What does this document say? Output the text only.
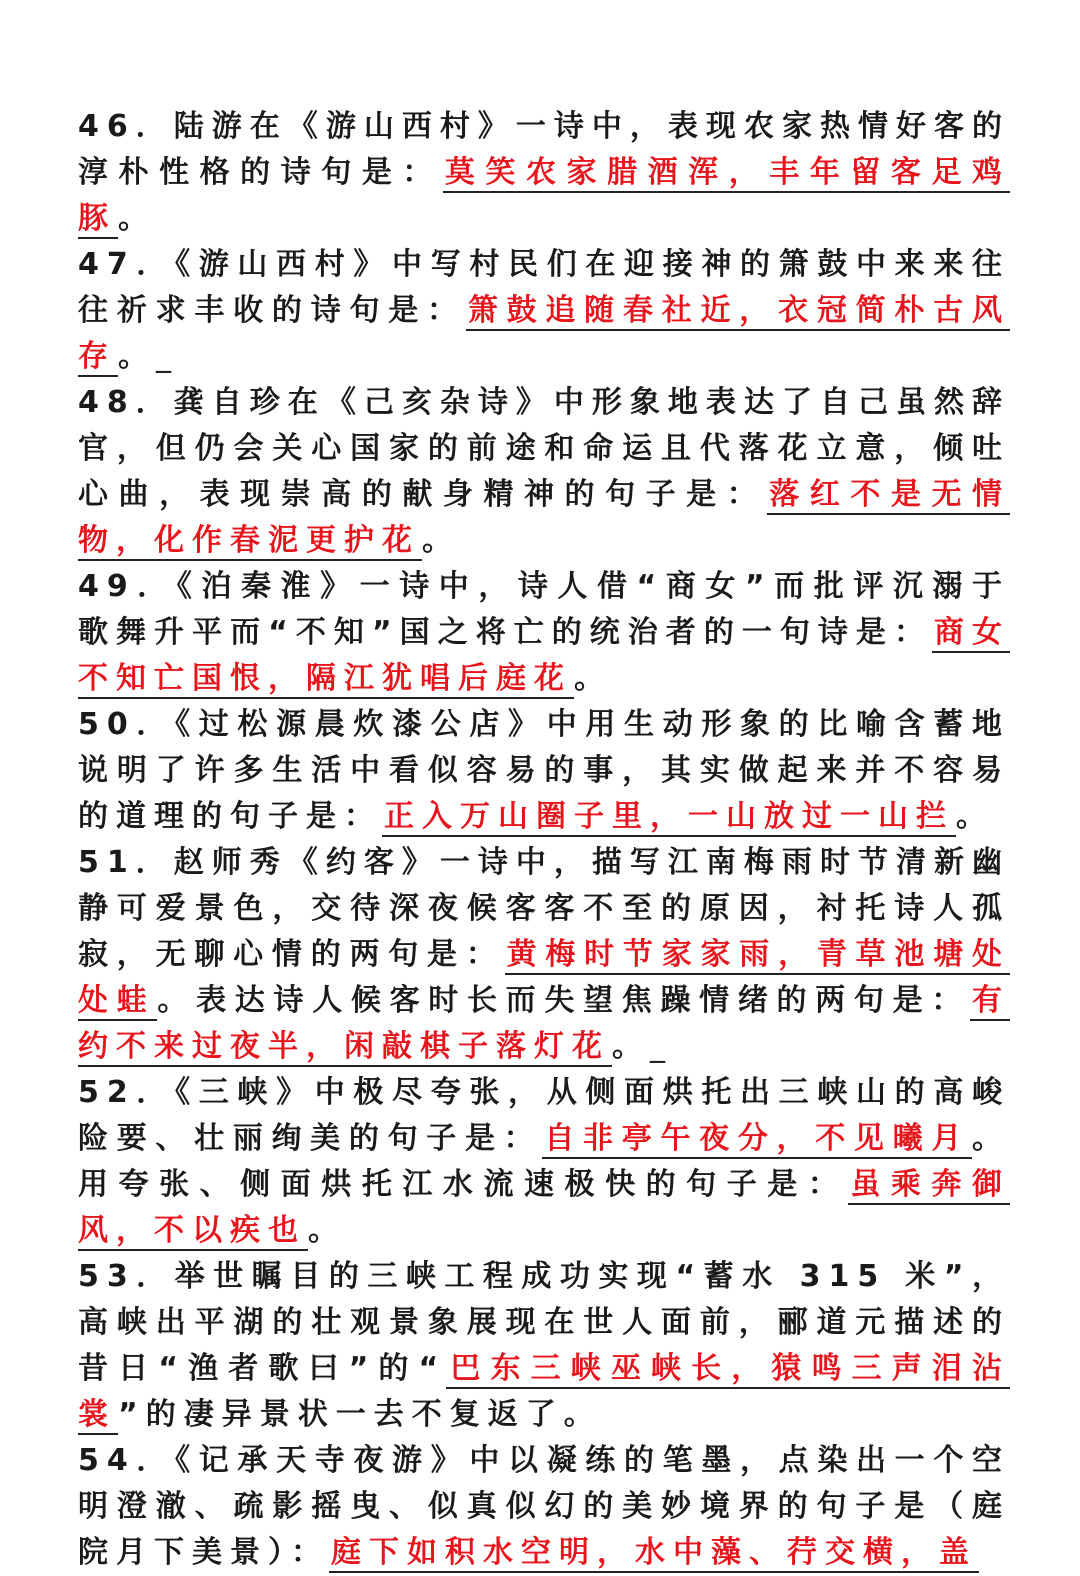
46．陆游在《游山西村》一诗中，表现农家热情好客的淳朴性格的诗句是：莫笑农家腊酒浑，丰年留客足鸡豚。

47．《游山西村》中写村民们在迎接神的箫鼓中来来往往祈求丰收的诗句是：箫鼓追随春社近，衣冠简朴古风存。_

48．龚自珍在《己亥杂诗》中形象地表达了自己虽然辞官，但仍会关心国家的前途和命运且代落花立意，倾吐心曲，表现崇高的献身精神的句子是：落红不是无情物，化作春泥更护花。

49．《泊秦淮》一诗中，诗人借“商女”而批评沉溺于歌舞升平而“不知”国之将亡的统治者的一句诗是：商女不知亡国恨，隔江犹唱后庭花。

50．《过松源晨炊漆公店》中用生动形象的比喻含蓄地说明了许多生活中看似容易的事，其实做起来并不容易的道理的句子是：正入万山圈子里，一山放过一山拦。

51．赵师秀《约客》一诗中，描写江南梅雨时节清新幽静可爱景色，交待深夜候客客不至的原因，衬托诗人孤寂，无聊心情的两句是：黄梅时节家家雨，青草池塘处处蛙。表达诗人候客时长而失望焦躁情绪的两句是：有约不来过夜半，闲敲棋子落灯花。_

52．《三峡》中极尽夸张，从侧面烘托出三峡山的高峻险要、壮丽绚美的句子是：自非亭午夜分，不见曦月。用夸张、侧面烘托江水流速极快的句子是：虽乘奔御风，不以疾也。

53．举世瞩目的三峡工程成功实现“蓄水 315 米”，高峡出平湖的壮观景象展现在世人面前，郦道元描述的昔日“渔者歌曰”的“巴东三峡巫峡长，猿鸣三声泪沾裳”的凄异景状一去不复返了。

54．《记承天寺夜游》中以凝练的笔墨，点染出一个空明澄澈、疏影摇曳、似真似幻的美妙境界的句子是（庭院月下美景）：庭下如积水空明，水中藻、荇交横，盖
